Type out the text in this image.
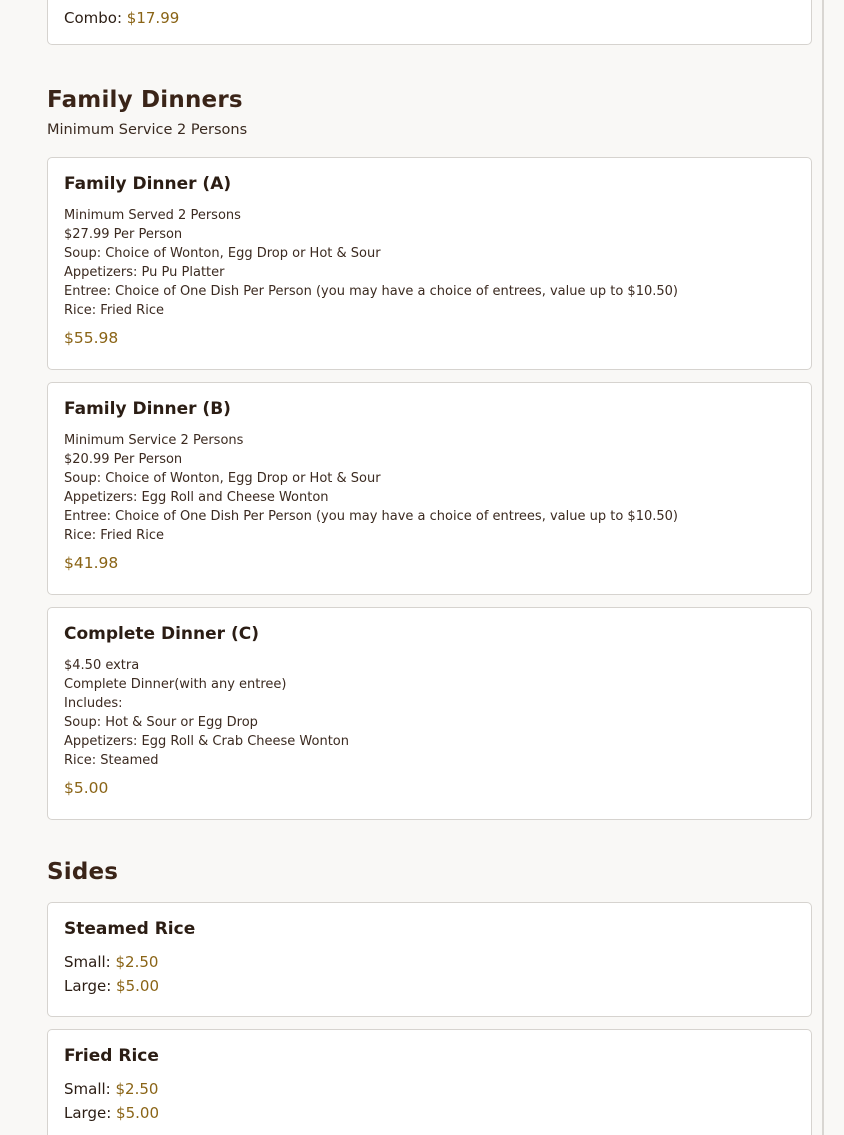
Combo: $17.99
Family Dinners
Minimum Service 2 Persons
Family Dinner (A)
Minimum Served 2 Persons
$27.99 Per Person
Soup: Choice of Wonton, Egg Drop or Hot & Sour
Appetizers: Pu Pu Platter
Entree: Choice of One Dish Per Person (you may have a choice of entrees, value up to $10.50)
Rice: Fried Rice
$55.98
Family Dinner (B)
Minimum Service 2 Persons
$20.99 Per Person
Soup: Choice of Wonton, Egg Drop or Hot & Sour
Appetizers: Egg Roll and Cheese Wonton
Entree: Choice of One Dish Per Person (you may have a choice of entrees, value up to $10.50)
Rice: Fried Rice
$41.98
Complete Dinner (C)
$4.50 extra
Complete Dinner(with any entree)
Includes:
Soup: Hot & Sour or Egg Drop
Appetizers: Egg Roll & Crab Cheese Wonton
Rice: Steamed
$5.00
Sides
Steamed Rice
Small: $2.50
Large: $5.00
Fried Rice
Small: $2.50
Large: $5.00
